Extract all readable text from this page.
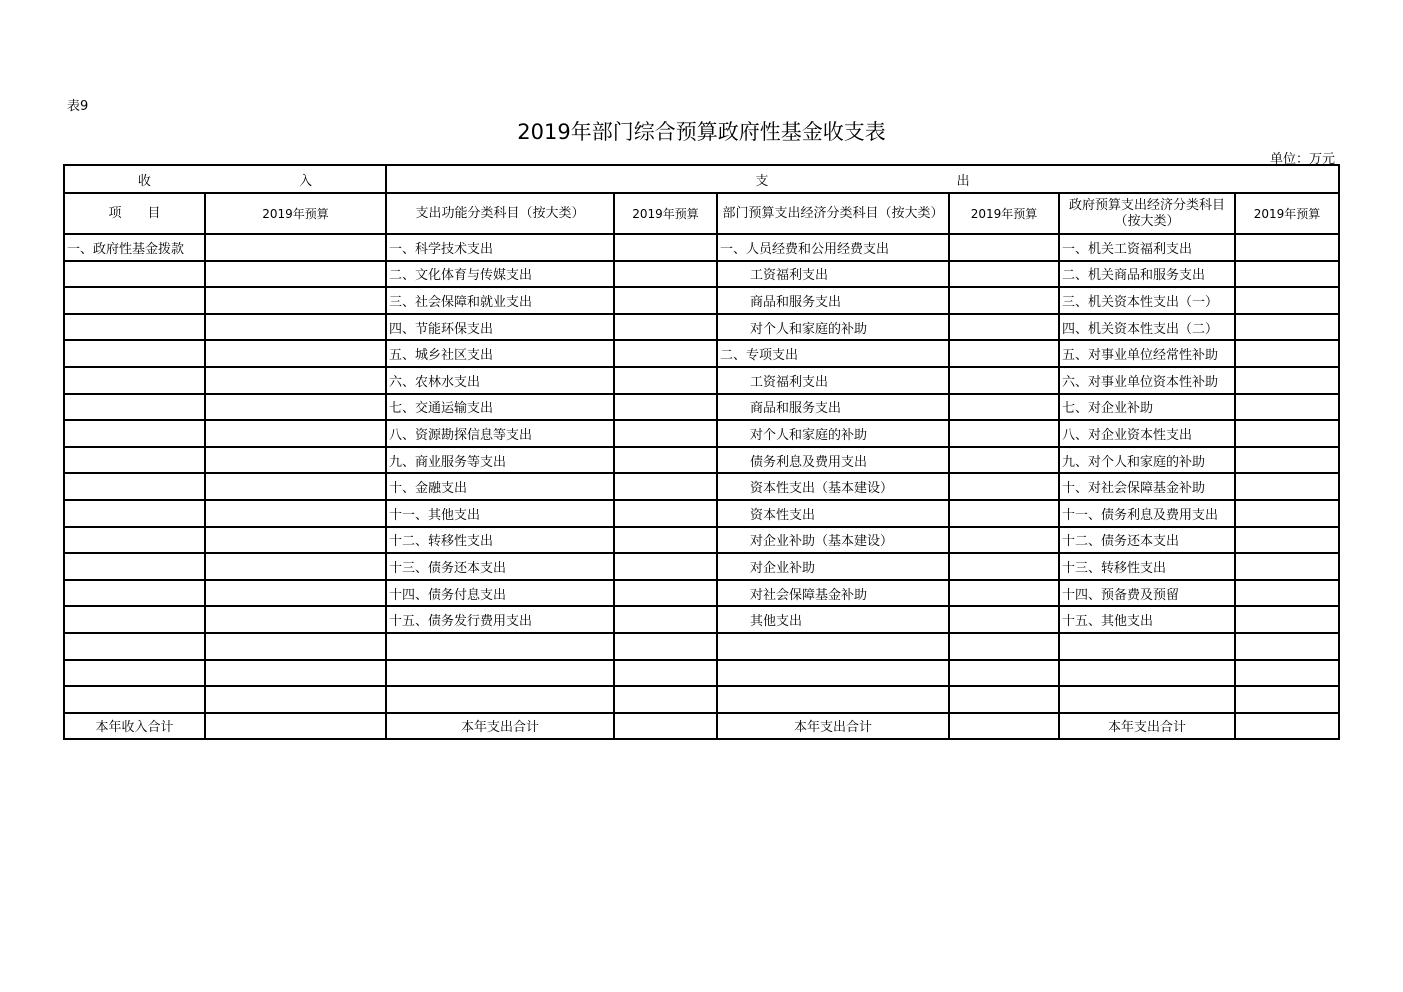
表9
2019年部门综合预算政府性基金收支表
单位：万元
收 入		支 出					
项　　目	2019年预算	支出功能分类科目（按大类）	2019年预算	部门预算支出经济分类科目（按大类）	2019年预算	政府预算支出经济分类科目（按大类）	2019年预算
一、政府性基金拨款		一、科学技术支出		一、人员经费和公用经费支出		一、机关工资福利支出	
		二、文化体育与传媒支出		工资福利支出		二、机关商品和服务支出	
		三、社会保障和就业支出		商品和服务支出		三、机关资本性支出（一）	
		四、节能环保支出		对个人和家庭的补助		四、机关资本性支出（二）	
		五、城乡社区支出		二、专项支出		五、对事业单位经常性补助	
		六、农林水支出		工资福利支出		六、对事业单位资本性补助	
		七、交通运输支出		商品和服务支出		七、对企业补助	
		八、资源勘探信息等支出		对个人和家庭的补助		八、对企业资本性支出	
		九、商业服务等支出		债务利息及费用支出		九、对个人和家庭的补助	
		十、金融支出		资本性支出（基本建设）		十、对社会保障基金补助	
		十一、其他支出		资本性支出		十一、债务利息及费用支出	
		十二、转移性支出		对企业补助（基本建设）		十二、债务还本支出	
		十三、债务还本支出		对企业补助		十三、转移性支出	
		十四、债务付息支出		对社会保障基金补助		十四、预备费及预留	
		十五、债务发行费用支出		其他支出		十五、其他支出	

本年收入合计		本年支出合计		本年支出合计		本年支出合计	
